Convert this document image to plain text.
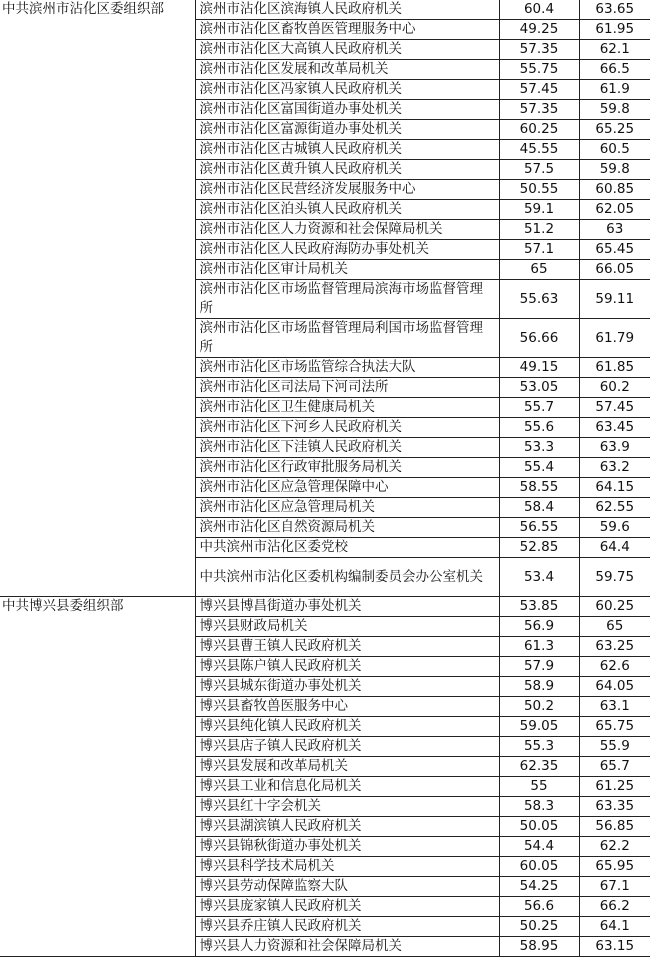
中共滨州市沾化区委组织部	滨州市沾化区滨海镇人民政府机关	60.4	63.65
	滨州市沾化区畜牧兽医管理服务中心	49.25	61.95
	滨州市沾化区大高镇人民政府机关	57.35	62.1
	滨州市沾化区发展和改革局机关	55.75	66.5
	滨州市沾化区冯家镇人民政府机关	57.45	61.9
	滨州市沾化区富国街道办事处机关	57.35	59.8
	滨州市沾化区富源街道办事处机关	60.25	65.25
	滨州市沾化区古城镇人民政府机关	45.55	60.5
	滨州市沾化区黄升镇人民政府机关	57.5	59.8
	滨州市沾化区民营经济发展服务中心	50.55	60.85
	滨州市沾化区泊头镇人民政府机关	59.1	62.05
	滨州市沾化区人力资源和社会保障局机关	51.2	63
	滨州市沾化区人民政府海防办事处机关	57.1	65.45
	滨州市沾化区审计局机关	65	66.05
	滨州市沾化区市场监督管理局滨海市场监督管理所	55.63	59.11
	滨州市沾化区市场监督管理局利国市场监督管理所	56.66	61.79
	滨州市沾化区市场监管综合执法大队	49.15	61.85
	滨州市沾化区司法局下河司法所	53.05	60.2
	滨州市沾化区卫生健康局机关	55.7	57.45
	滨州市沾化区下河乡人民政府机关	55.6	63.45
	滨州市沾化区下洼镇人民政府机关	53.3	63.9
	滨州市沾化区行政审批服务局机关	55.4	63.2
	滨州市沾化区应急管理保障中心	58.55	64.15
	滨州市沾化区应急管理局机关	58.4	62.55
	滨州市沾化区自然资源局机关	56.55	59.6
	中共滨州市沾化区委党校	52.85	64.4
	中共滨州市沾化区委机构编制委员会办公室机关	53.4	59.75
中共博兴县委组织部	博兴县博昌街道办事处机关	53.85	60.25
	博兴县财政局机关	56.9	65
	博兴县曹王镇人民政府机关	61.3	63.25
	博兴县陈户镇人民政府机关	57.9	62.6
	博兴县城东街道办事处机关	58.9	64.05
	博兴县畜牧兽医服务中心	50.2	63.1
	博兴县纯化镇人民政府机关	59.05	65.75
	博兴县店子镇人民政府机关	55.3	55.9
	博兴县发展和改革局机关	62.35	65.7
	博兴县工业和信息化局机关	55	61.25
	博兴县红十字会机关	58.3	63.35
	博兴县湖滨镇人民政府机关	50.05	56.85
	博兴县锦秋街道办事处机关	54.4	62.2
	博兴县科学技术局机关	60.05	65.95
	博兴县劳动保障监察大队	54.25	67.1
	博兴县庞家镇人民政府机关	56.6	66.2
	博兴县乔庄镇人民政府机关	50.25	64.1
	博兴县人力资源和社会保障局机关	58.95	63.15
